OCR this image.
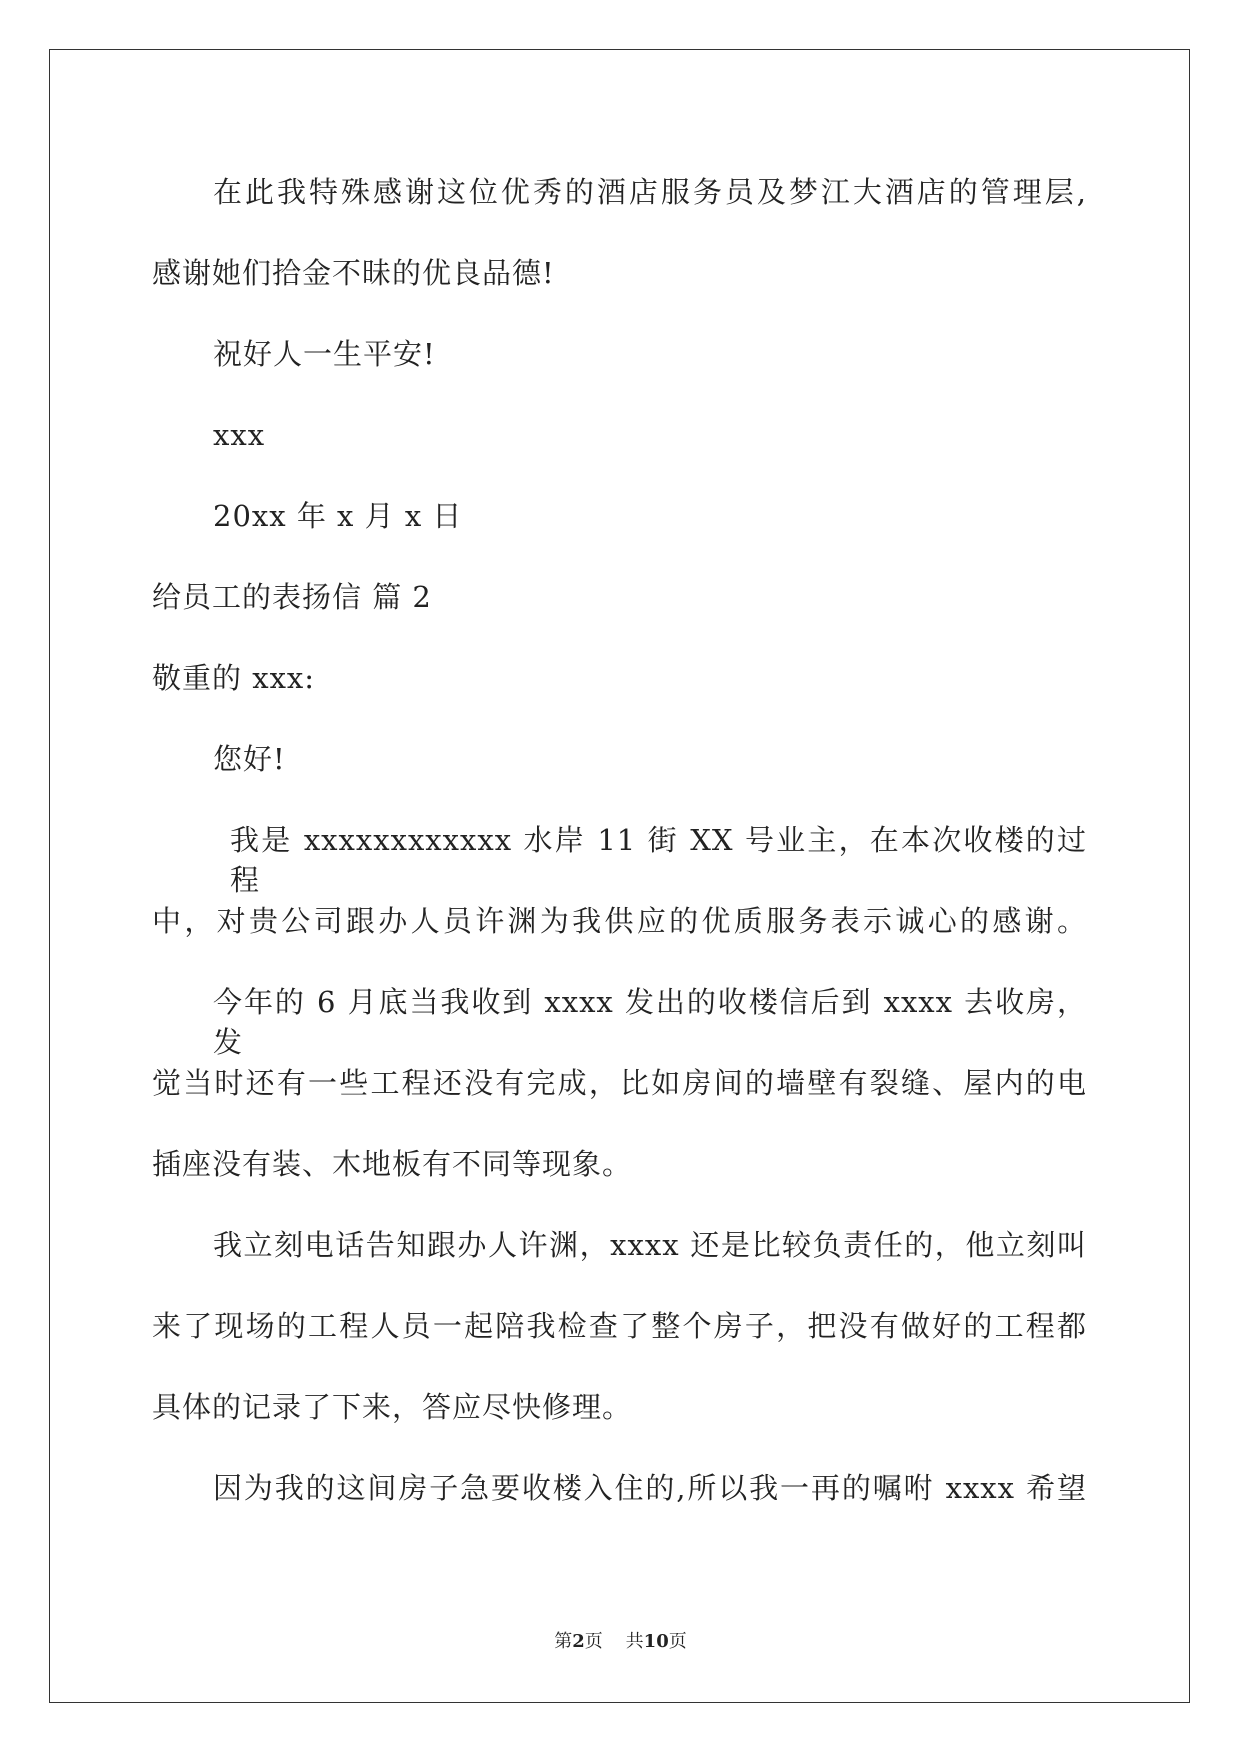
在此我特殊感谢这位优秀的酒店服务员及梦江大酒店的管理层,

感谢她们拾金不昧的优良品德!

祝好人一生平安!

xxx

20xx 年 x 月 x 日

给员工的表扬信 篇 2

敬重的 xxx:

您好!

我是 xxxxxxxxxxxx 水岸 11 街 XX 号业主，在本次收楼的过程

中，对贵公司跟办人员许渊为我供应的优质服务表示诚心的感谢。

今年的 6 月底当我收到 xxxx 发出的收楼信后到 xxxx 去收房，发

觉当时还有一些工程还没有完成，比如房间的墙壁有裂缝、屋内的电

插座没有装、木地板有不同等现象。

我立刻电话告知跟办人许渊，xxxx 还是比较负责任的，他立刻叫

来了现场的工程人员一起陪我检查了整个房子，把没有做好的工程都

具体的记录了下来，答应尽快修理。

因为我的这间房子急要收楼入住的,所以我一再的嘱咐 xxxx 希望

第2页 共10页
